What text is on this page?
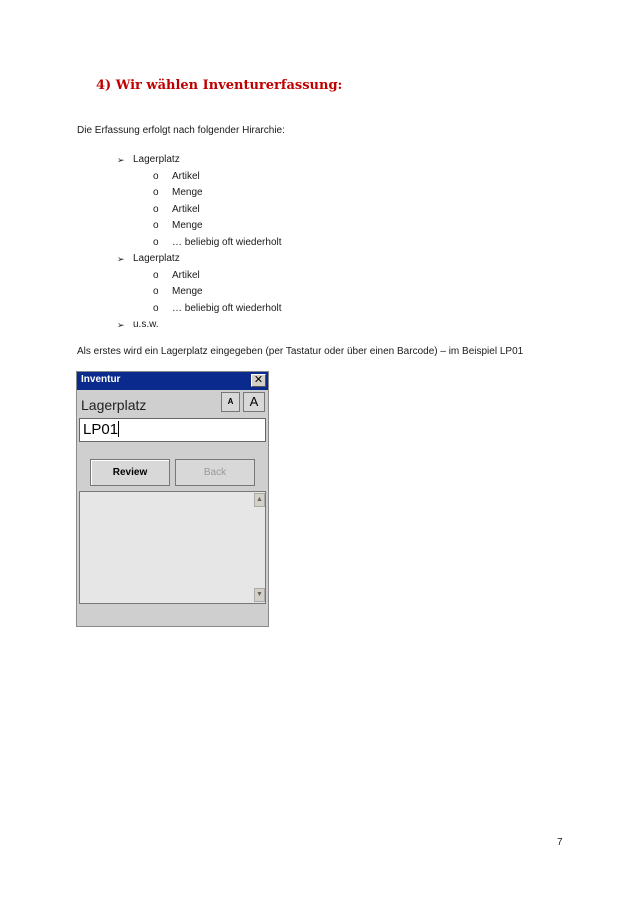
4) Wir wählen Inventurerfassung:
Die Erfassung erfolgt nach folgender Hirarchie:
➢ Lagerplatz
o Artikel
o Menge
o Artikel
o Menge
o … beliebig oft wiederholt
➢ Lagerplatz
o Artikel
o Menge
o … beliebig oft wiederholt
➢ u.s.w.
Als erstes wird ein Lagerplatz eingegeben (per Tastatur oder über einen Barcode) – im Beispiel LP01
Inventur	✕
Lagerplatz	A	A
LP01
Review	Back
▲
▼
7
